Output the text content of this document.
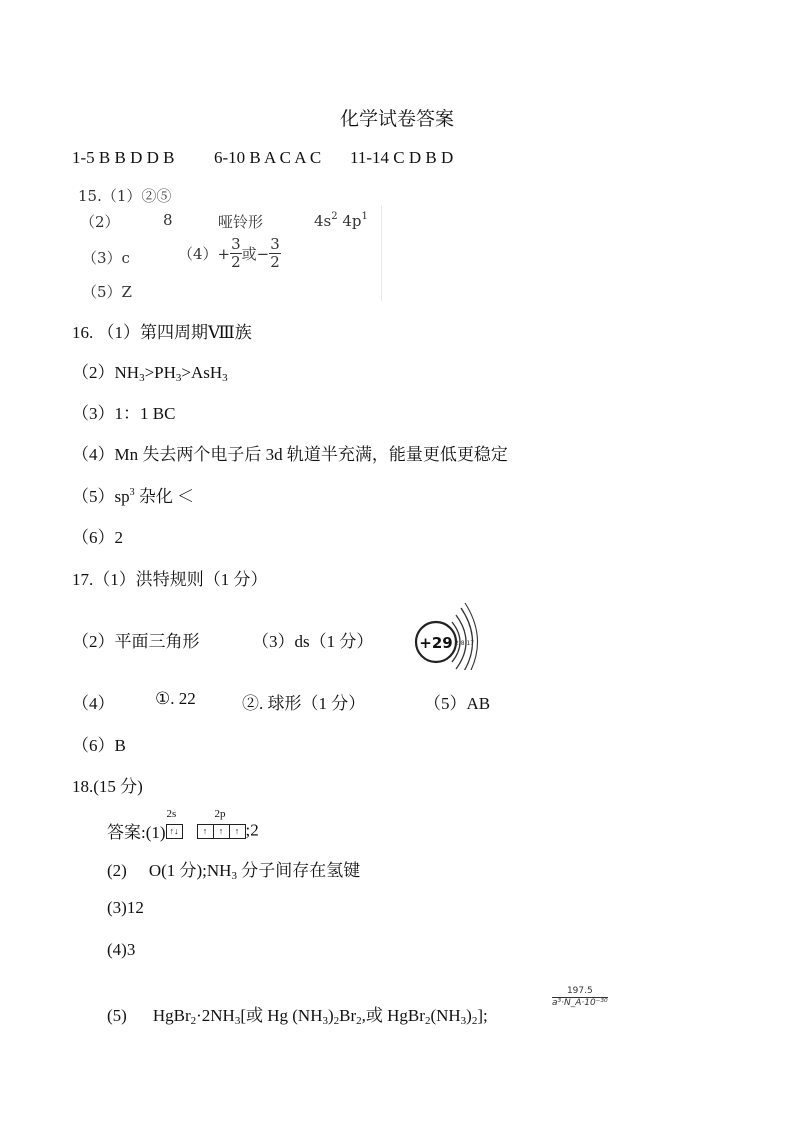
化学试卷答案
1-5 B B D D B 6-10 B A C A C 11-14 C D B D
15.（1）②⑤
（2）	8	哑铃形	$4s^2$ $4p^1$
（3）c	$(4)+ \frac{3}{2}$ 或− $\frac{3}{2}$
（5）Z
16. （1）第四周期Ⅷ族
$(2)NH_3>PH_3>AsH_3$
（3）1：1 BC
（4）Mn 失去两个电子后 3d 轨道半充满，能量更低更稳定
$(5)sp^3$ 杂化 ＜
（6）2
17.（1）洪特规则（1 分）
（2）平面三角形	（3）ds（1 分）	+29 2 8 17
（4） ①. 22	②. 球形（1 分）	（5）AB
（6）B
18.(15 分)
答案:(1)
2s
↑↓
2p
↑ ↑ ↑ ;2
(2) O(1 分)$;NH_3$ 分子间存在氢键
(3)12
(4)3
(5) $HgBr_2\cdot 2NH_3$[或 Hg $(NH_3)_2Br_2$,或 $HgBr_2(NH_3)_2$];
197.5
a³·N_A·10⁻³⁰
